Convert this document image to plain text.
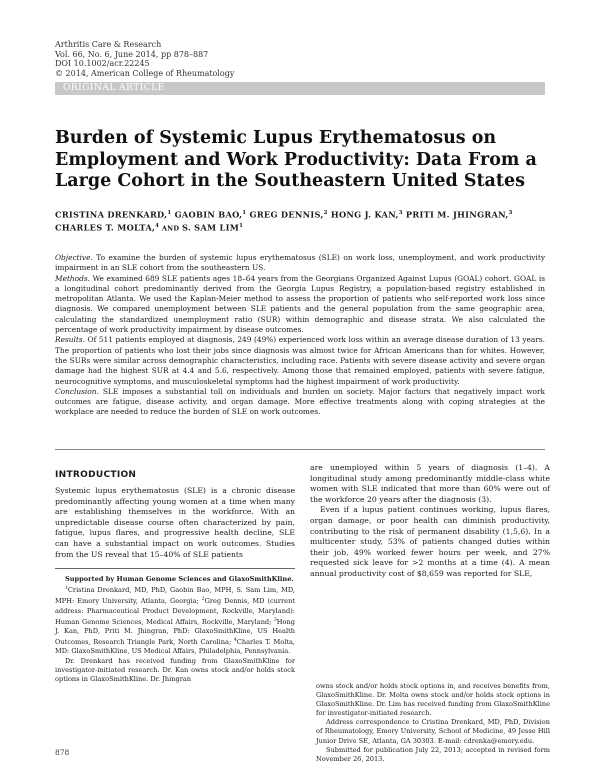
Arthritis Care & Research
Vol. 66, No. 6, June 2014, pp 878–887
DOI 10.1002/acr.22245
© 2014, American College of Rheumatology
ORIGINAL ARTICLE
Burden of Systemic Lupus Erythematosus on Employment and Work Productivity: Data From a Large Cohort in the Southeastern United States
CRISTINA DRENKARD,$^1$ GAOBIN BAO,$^1$ GREG DENNIS,$^2$ HONG J. KAN,$^3$ PRITI M. JHINGRAN,$^3$
CHARLES T. MOLTA,$^4$ AND S. SAM LIM$^1$

Objective. To examine the burden of systemic lupus erythematosus (SLE) on work loss, unemployment, and work productivity impairment in an SLE cohort from the southeastern US.

Methods. We examined 689 SLE patients ages 18–64 years from the Georgians Organized Against Lupus (GOAL) cohort. GOAL is a longitudinal cohort predominantly derived from the Georgia Lupus Registry, a population-based registry established in metropolitan Atlanta. We used the Kaplan-Meier method to assess the proportion of patients who self-reported work loss since diagnosis. We compared unemployment between SLE patients and the general population from the same geographic area, calculating the standardized unemployment ratio (SUR) within demographic and disease strata. We also calculated the percentage of work productivity impairment by disease outcomes.

Results. Of 511 patients employed at diagnosis, 249 (49%) experienced work loss within an average disease duration of 13 years. The proportion of patients who lost their jobs since diagnosis was almost twice for African Americans than for whites. However, the SURs were similar across demographic characteristics, including race. Patients with severe disease activity and severe organ damage had the highest SUR at 4.4 and 5.6, respectively. Among those that remained employed, patients with severe fatigue, neurocognitive symptoms, and musculoskeletal symptoms had the highest impairment of work productivity.

Conclusion. SLE imposes a substantial toll on individuals and burden on society. Major factors that negatively impact work outcomes are fatigue, disease activity, and organ damage. More effective treatments along with coping strategies at the workplace are needed to reduce the burden of SLE on work outcomes.

INTRODUCTION

Systemic lupus erythematosus (SLE) is a chronic disease predominantly affecting young women at a time when many are establishing themselves in the workforce. With an unpredictable disease course often characterized by pain, fatigue, lupus flares, and progressive health decline, SLE can have a substantial impact on work outcomes. Studies from the US reveal that 15–40% of SLE patients

are unemployed within 5 years of diagnosis (1–4). A longitudinal study among predominantly middle-class white women with SLE indicated that more than 60% were out of the workforce 20 years after the diagnosis (3).

Even if a lupus patient continues working, lupus flares, organ damage, or poor health can diminish productivity, contributing to the risk of permanent disability (1,5,6). In a multicenter study, 53% of patients changed duties within their job, 49% worked fewer hours per week, and 27% requested sick leave for >2 months at a time (4). A mean annual productivity cost of $8,659 was reported for SLE,

Supported by Human Genome Sciences and GlaxoSmithKline.

$^1$Cristina Drenkard, MD, PhD, Gaobin Bao, MPH, S. Sam Lim, MD, MPH: Emory University, Atlanta, Georgia; $^2$Greg Dennis, MD (current address: Pharmaceutical Product Development, Rockville, Maryland): Human Genome Sciences, Medical Affairs, Rockville, Maryland; $^3$Hong J. Kan, PhD, Priti M. Jhingran, PhD: GlaxoSmithKline, US Health Outcomes, Research Triangle Park, North Carolina; $^4$Charles T. Molta, MD: GlaxoSmithKline, US Medical Affairs, Philadelphia, Pennsylvania.

Dr. Drenkard has received funding from GlaxoSmithKline for investigator-initiated research. Dr. Kan owns stock and/or holds stock options in GlaxoSmithKline. Dr. Jhingran

owns stock and/or holds stock options in, and receives benefits from, GlaxoSmithKline. Dr. Molta owns stock and/or holds stock options in GlaxoSmithKline. Dr. Lim has received funding from GlaxoSmithKline for investigator-initiated research.

Address correspondence to Cristina Drenkard, MD, PhD, Division of Rheumatology, Emory University, School of Medicine, 49 Jesse Hill Junior Drive SE, Atlanta, GA 30303. E-mail: cdrenka@emory.edu.

Submitted for publication July 22, 2013; accepted in revised form November 26, 2013.

878
